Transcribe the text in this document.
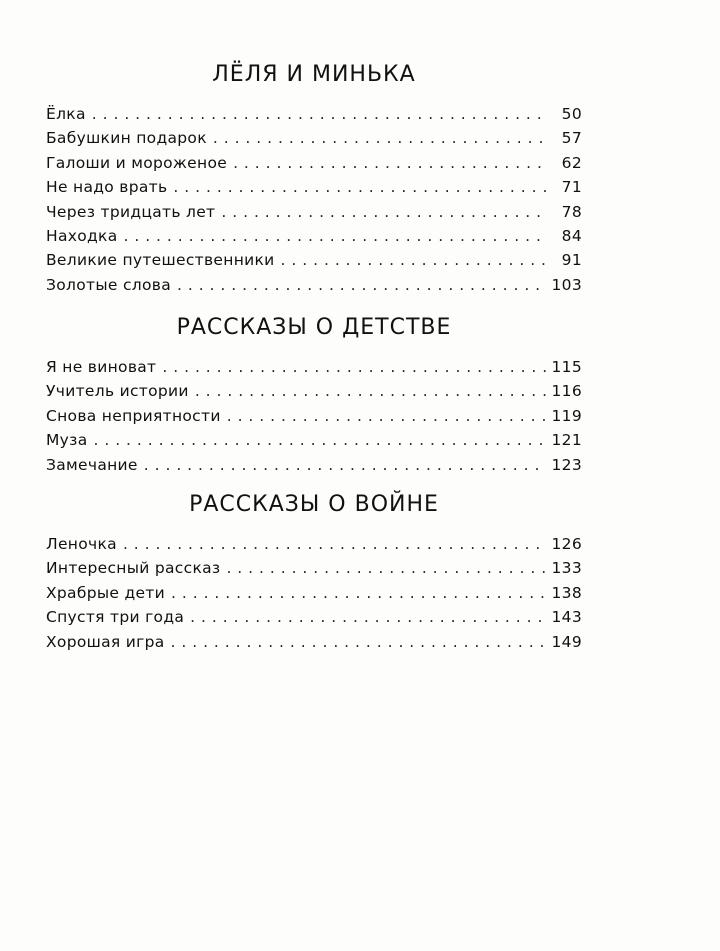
ЛЁЛЯ И МИНЬКА
Ёлка . . .	50
Бабушкин подарок . . .	57
Галоши и мороженое . . .	62
Не надо врать . . .	71
Через тридцать лет . . .	78
Находка . . .	84
Великие путешественники . . .	91
Золотые слова . . .	103
РАССКАЗЫ О ДЕТСТВЕ
Я не виноват . . .	115
Учитель истории . . .	116
Снова неприятности . . .	119
Муза . . .	121
Замечание . . .	123
РАССКАЗЫ О ВОЙНЕ
Леночка . . .	126
Интересный рассказ . . .	133
Храбрые дети . . .	138
Спустя три года . . .	143
Хорошая игра . . .	149
